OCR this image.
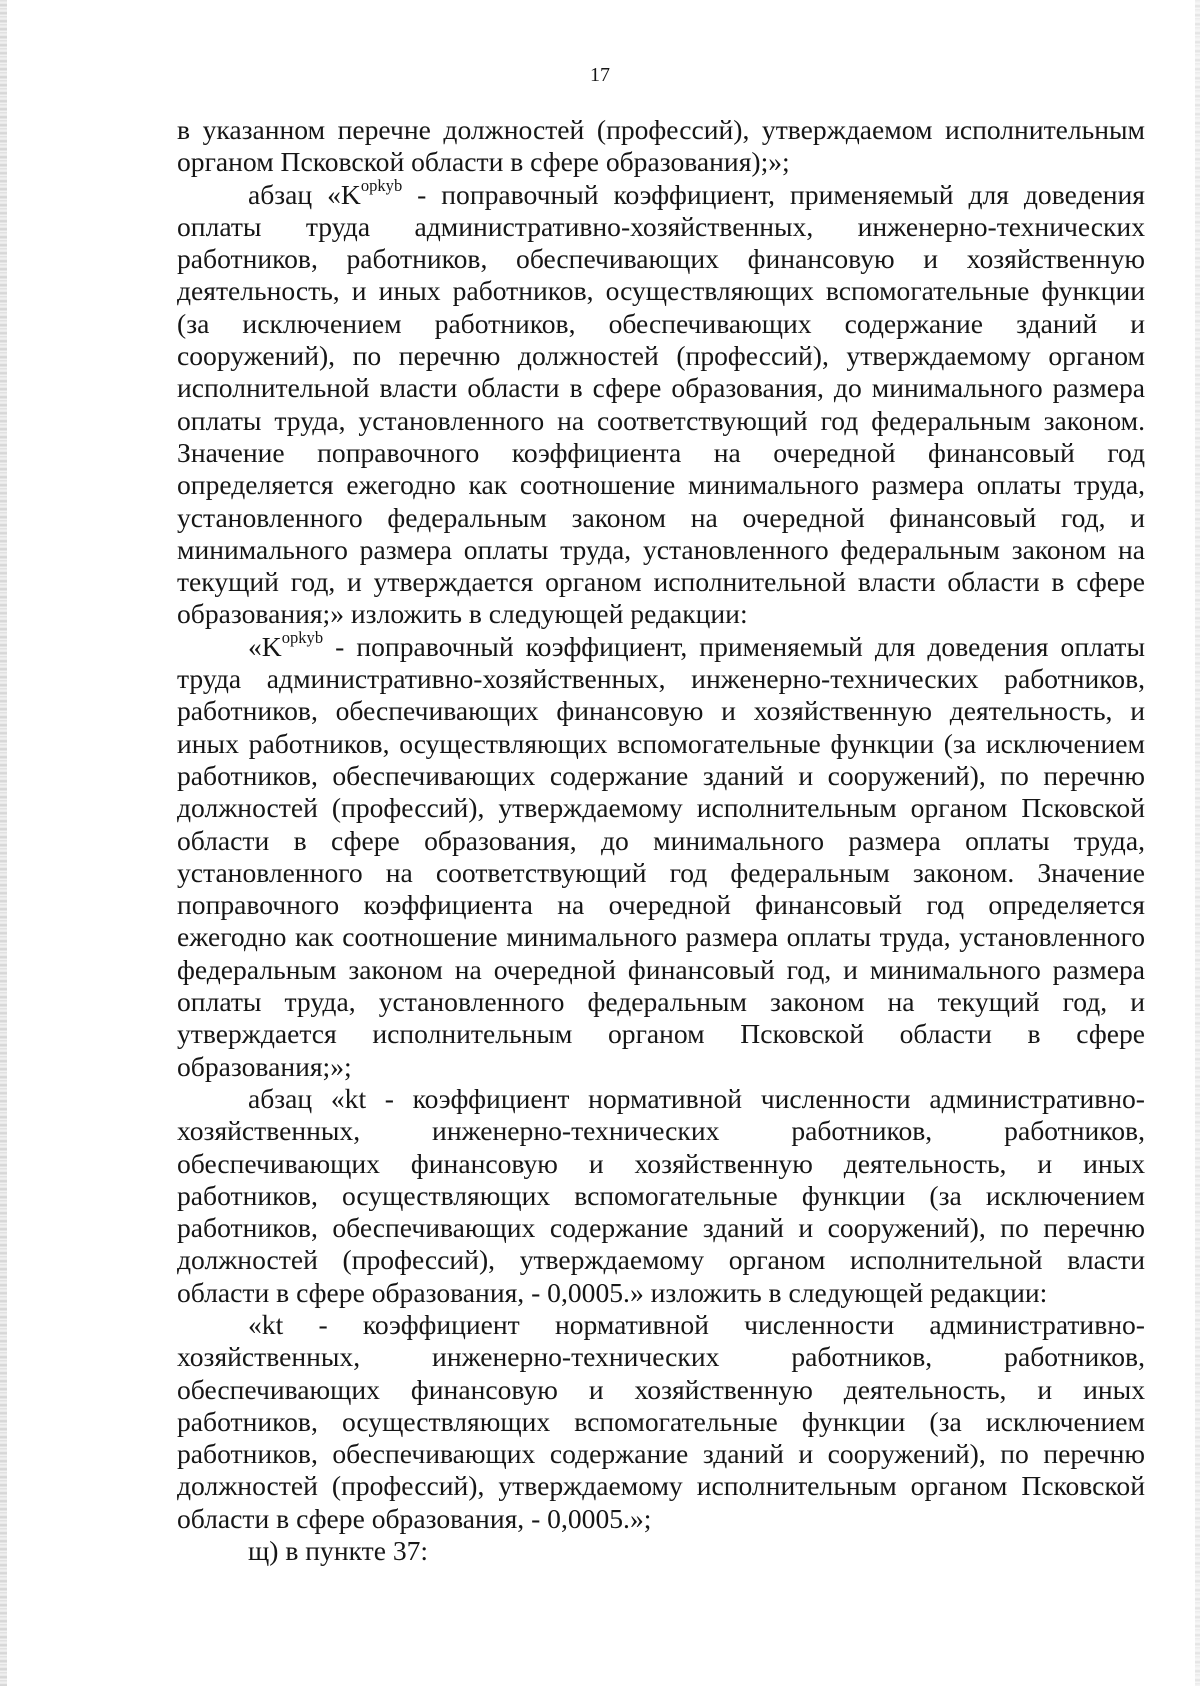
17

в указанном перечне должностей (профессий), утверждаемом исполнительным органом Псковской области в сфере образования);»;

абзац «$K^{opkyb}$ - поправочный коэффициент, применяемый для доведения оплаты труда административно-хозяйственных, инженерно-технических работников, работников, обеспечивающих финансовую и хозяйственную деятельность, и иных работников, осуществляющих вспомогательные функции (за исключением работников, обеспечивающих содержание зданий и сооружений), по перечню должностей (профессий), утверждаемому органом исполнительной власти области в сфере образования, до минимального размера оплаты труда, установленного на соответствующий год федеральным законом. Значение поправочного коэффициента на очередной финансовый год определяется ежегодно как соотношение минимального размера оплаты труда, установленного федеральным законом на очередной финансовый год, и минимального размера оплаты труда, установленного федеральным законом на текущий год, и утверждается органом исполнительной власти области в сфере образования;» изложить в следующей редакции:

«$K^{opkyb}$ - поправочный коэффициент, применяемый для доведения оплаты труда административно-хозяйственных, инженерно-технических работников, работников, обеспечивающих финансовую и хозяйственную деятельность, и иных работников, осуществляющих вспомогательные функции (за исключением работников, обеспечивающих содержание зданий и сооружений), по перечню должностей (профессий), утверждаемому исполнительным органом Псковской области в сфере образования, до минимального размера оплаты труда, установленного на соответствующий год федеральным законом. Значение поправочного коэффициента на очередной финансовый год определяется ежегодно как соотношение минимального размера оплаты труда, установленного федеральным законом на очередной финансовый год, и минимального размера оплаты труда, установленного федеральным законом на текущий год, и утверждается исполнительным органом Псковской области в сфере образования;»;

абзац «kt - коэффициент нормативной численности административно-хозяйственных, инженерно-технических работников, работников, обеспечивающих финансовую и хозяйственную деятельность, и иных работников, осуществляющих вспомогательные функции (за исключением работников, обеспечивающих содержание зданий и сооружений), по перечню должностей (профессий), утверждаемому органом исполнительной власти области в сфере образования, - 0,0005.» изложить в следующей редакции:

«kt - коэффициент нормативной численности административно-хозяйственных, инженерно-технических работников, работников, обеспечивающих финансовую и хозяйственную деятельность, и иных работников, осуществляющих вспомогательные функции (за исключением работников, обеспечивающих содержание зданий и сооружений), по перечню должностей (профессий), утверждаемому исполнительным органом Псковской области в сфере образования, - 0,0005.»;

щ) в пункте 37:
